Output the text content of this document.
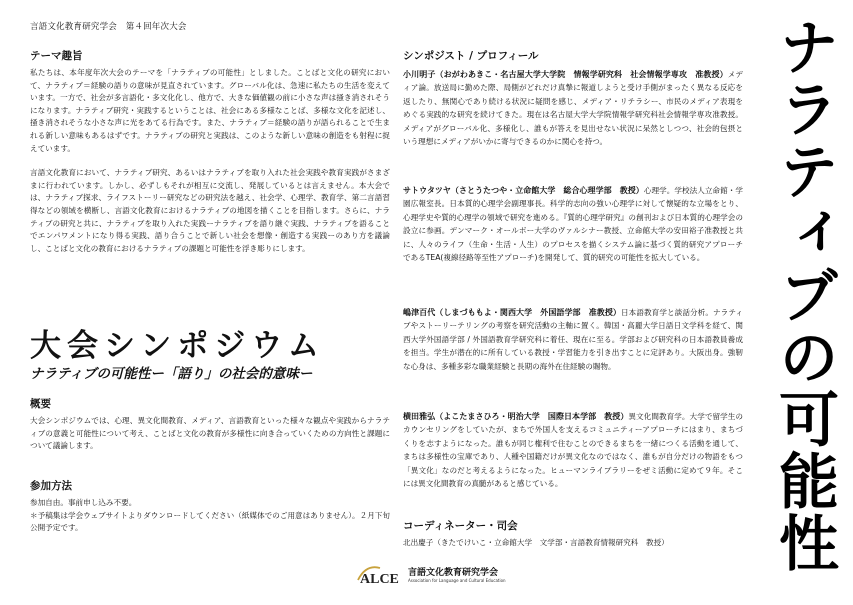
言語文化教育研究学会　第４回年次大会
テーマ趣旨

私たちは、本年度年次大会のテーマを「ナラティブの可能性」としました。ことばと文化の研究において、ナラティブ＝経験の語りの意味が見直されています。グローバル化は、急速に私たちの生活を変えています。一方で、社会が多言語化・多文化化し、他方で、大きな価値観の前に小さな声は掻き消されそうになります。ナラティブ研究・実践するということは、社会にある多様なことば、多様な文化を記述し、掻き消されそうな小さな声に光をあてる行為です。また、ナラティブ＝経験の語りが語られることで生まれる新しい意味もあるはずです。ナラティブの研究と実践は、このような新しい意味の創造をも射程に捉えています。

言語文化教育において、ナラティブ研究、あるいはナラティブを取り入れた社会実践や教育実践がさまざまに行われています。しかし、必ずしもそれが相互に交流し、発展しているとは言えません。本大会では、ナラティブ探求、ライフストーリー研究などの研究法を越え、社会学、心理学、教育学、第二言語習得などの領域を横断し、言語文化教育におけるナラティブの地図を描くことを目指します。さらに、ナラティブの研究と共に、ナラティブを取り入れた実践ーナラティブを語り継ぐ実践、ナラティブを語ることでエンパワメントになり得る実践、語り合うことで新しい社会を想像・創造する実践ーのあり方を議論し、ことばと文化の教育におけるナラティブの課題と可能性を浮き彫りにします。

大会シンポジウム
ナラティブの可能性ー「語り」の社会的意味ー
概要

大会シンポジウムでは、心理、異文化間教育、メディア、言語教育といった様々な観点や実践からナラティブの意義と可能性について考え、ことばと文化の教育が多様性に向き合っていくための方向性と課題について議論します。

参加方法

参加自由。事前申し込み不要。

＊予稿集は学会ウェブサイトよりダウンロードしてください（紙媒体でのご用意はありません）。２月下旬公開予定です。

シンポジスト / プロフィール

小川明子（おがわあきこ・名古屋大学大学院　情報学研究科　社会情報学専攻　准教授）メディア論。放送局に勤めた際、局側がどれだけ真摯に報道しようと受け手側がまったく異なる反応を返したり、無関心であり続ける状況に疑問を感じ、メディア・リテラシー、市民のメディア表現をめぐる実践的な研究を続けてきた。現在は名古屋大学大学院情報学研究科社会情報学専攻准教授。メディアがグローバル化、多様化し、誰もが答えを見出せない状況に呆然としつつ、社会的包摂という理想にメディアがいかに寄与できるのかに関心を持つ。

サトウタツヤ（さとうたつや・立命館大学　総合心理学部　教授）心理学。学校法人立命館・学園広報室長。日本質的心理学会副理事長。科学的志向の強い心理学に対して懐疑的な立場をとり、心理学史や質的心理学の領域で研究を進める。『質的心理学研究』の創刊および日本質的心理学会の設立に参画。デンマーク・オールボー大学のヴァルシナー教授、立命館大学の安田裕子准教授と共に、人々のライフ（生命・生活・人生）のプロセスを描くシステム論に基づく質的研究アプローチであるTEA(複線径路等至性アプローチ)を開発して、質的研究の可能性を拡大している。

嶋津百代（しまづももよ・関西大学　外国語学部　准教授）日本語教育学と談話分析。ナラティブやストーリーテリングの考察を研究活動の主軸に置く。韓国・高麗大学日語日文学科を経て、関西大学外国語学部 / 外国語教育学研究科に着任、現在に至る。学部および研究科の日本語教員養成を担当。学生が潜在的に所有している教授・学習能力を引き出すことに定評あり。大阪出身。強靭な心身は、多種多彩な職業経験と長期の海外在住経験の賜物。

横田雅弘（よこたまさひろ・明治大学　国際日本学部　教授）異文化間教育学。大学で留学生のカウンセリングをしていたが、まちで外国人を支えるコミュニティーアプローチにはまり、まちづくりを志すようになった。誰もが同じ権利で住むことのできるまちを一緒につくる活動を通して、まちは多様性の宝庫であり、人種や国籍だけが異文化なのではなく、誰もが自分だけの物語をもつ「異文化」なのだと考えるようになった。ヒューマンライブラリーをぜミ活動に定めて９年。そこには異文化間教育の真髄があると感じている。

コーディネーター・司会

北出慶子（きたでけいこ・立命館大学　文学部・言語教育情報研究科　教授）	ナラティブの可能性
ALCE 言語文化教育研究学会
Association for Language and Cultural Education
